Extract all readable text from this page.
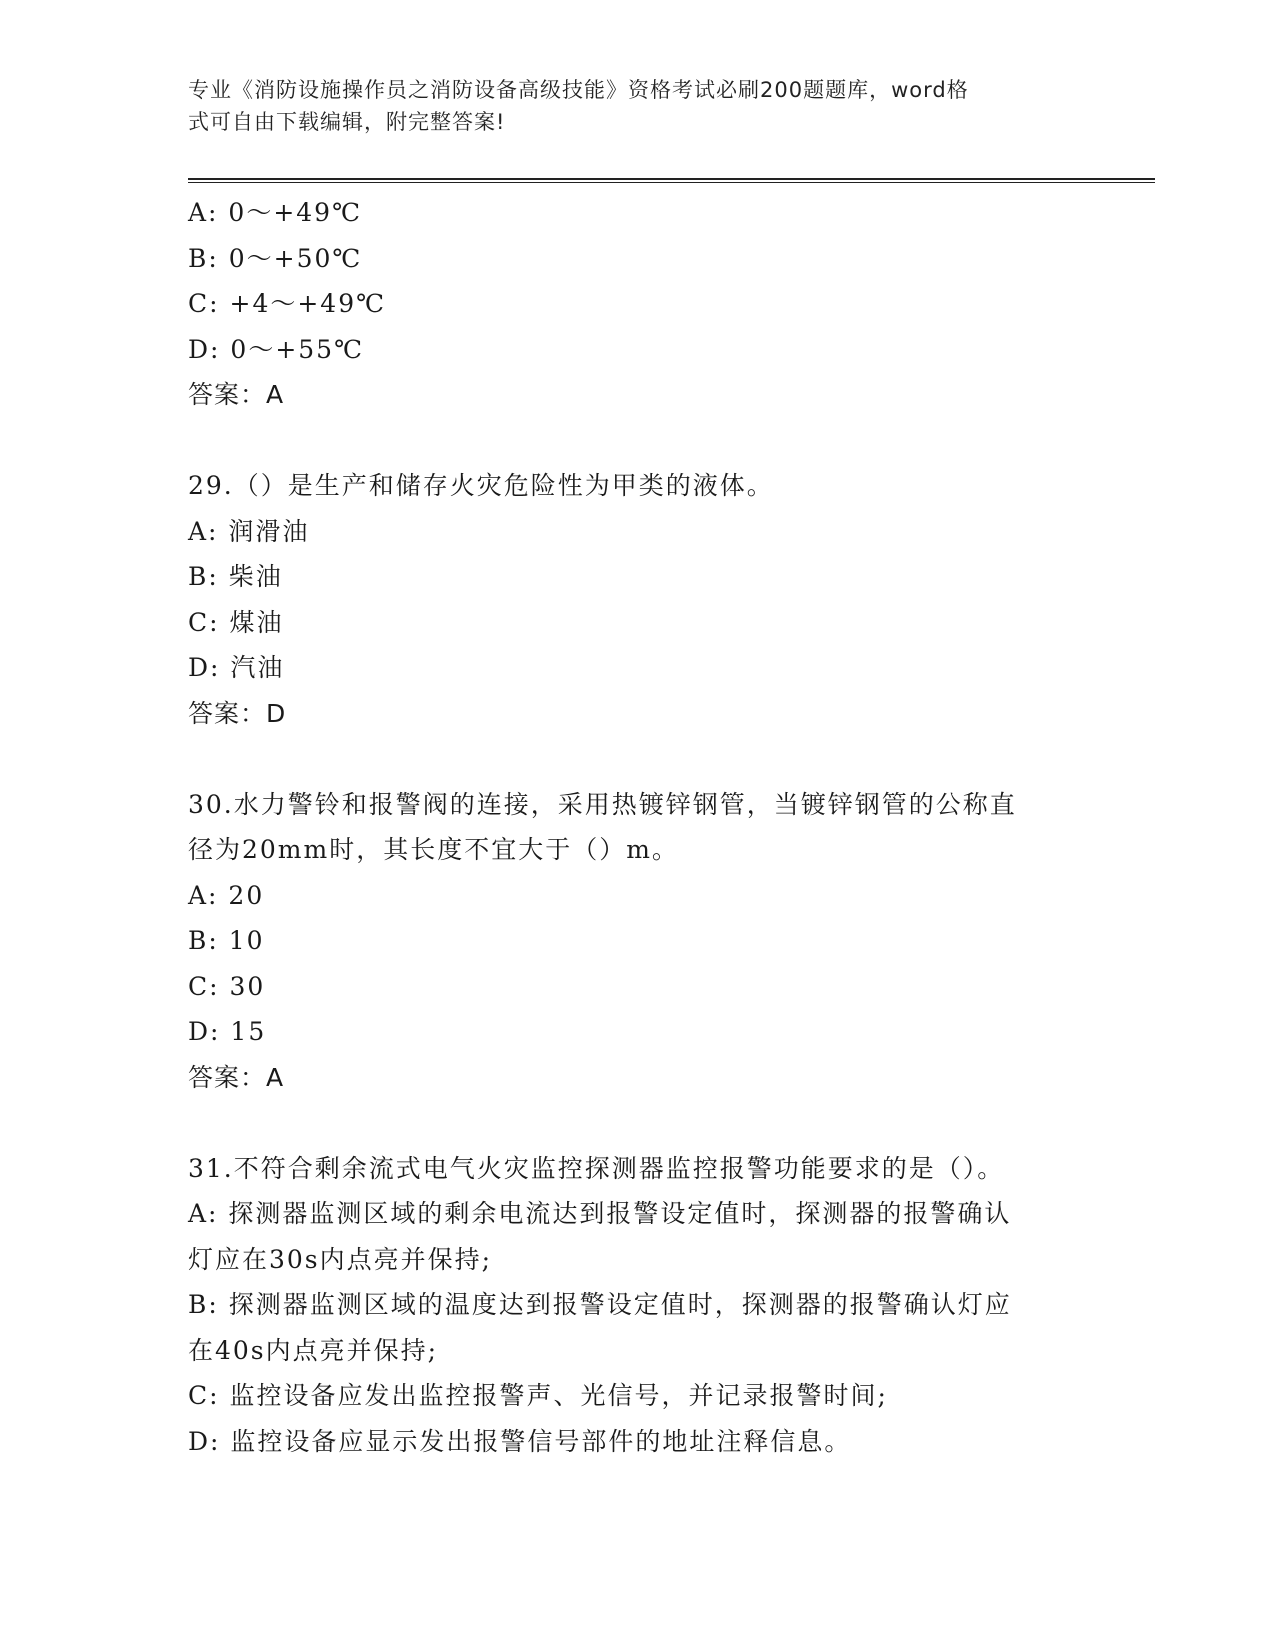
专业《消防设施操作员之消防设备高级技能》资格考试必刷200题题库，word格
式可自由下载编辑，附完整答案!
A: 0～+49℃
B: 0～+50℃
C: +4～+49℃
D: 0～+55℃
答案：A
29.（）是生产和储存火灾危险性为甲类的液体。
A: 润滑油
B: 柴油
C: 煤油
D: 汽油
答案：D
30.水力警铃和报警阀的连接，采用热镀锌钢管，当镀锌钢管的公称直
径为20mm时，其长度不宜大于（）m。
A: 20
B: 10
C: 30
D: 15
答案：A
31.不符合剩余流式电气火灾监控探测器监控报警功能要求的是（）。
A: 探测器监测区域的剩余电流达到报警设定值时，探测器的报警确认
灯应在30s内点亮并保持;
B: 探测器监测区域的温度达到报警设定值时，探测器的报警确认灯应
在40s内点亮并保持;
C: 监控设备应发出监控报警声、光信号，并记录报警时间;
D: 监控设备应显示发出报警信号部件的地址注释信息。
